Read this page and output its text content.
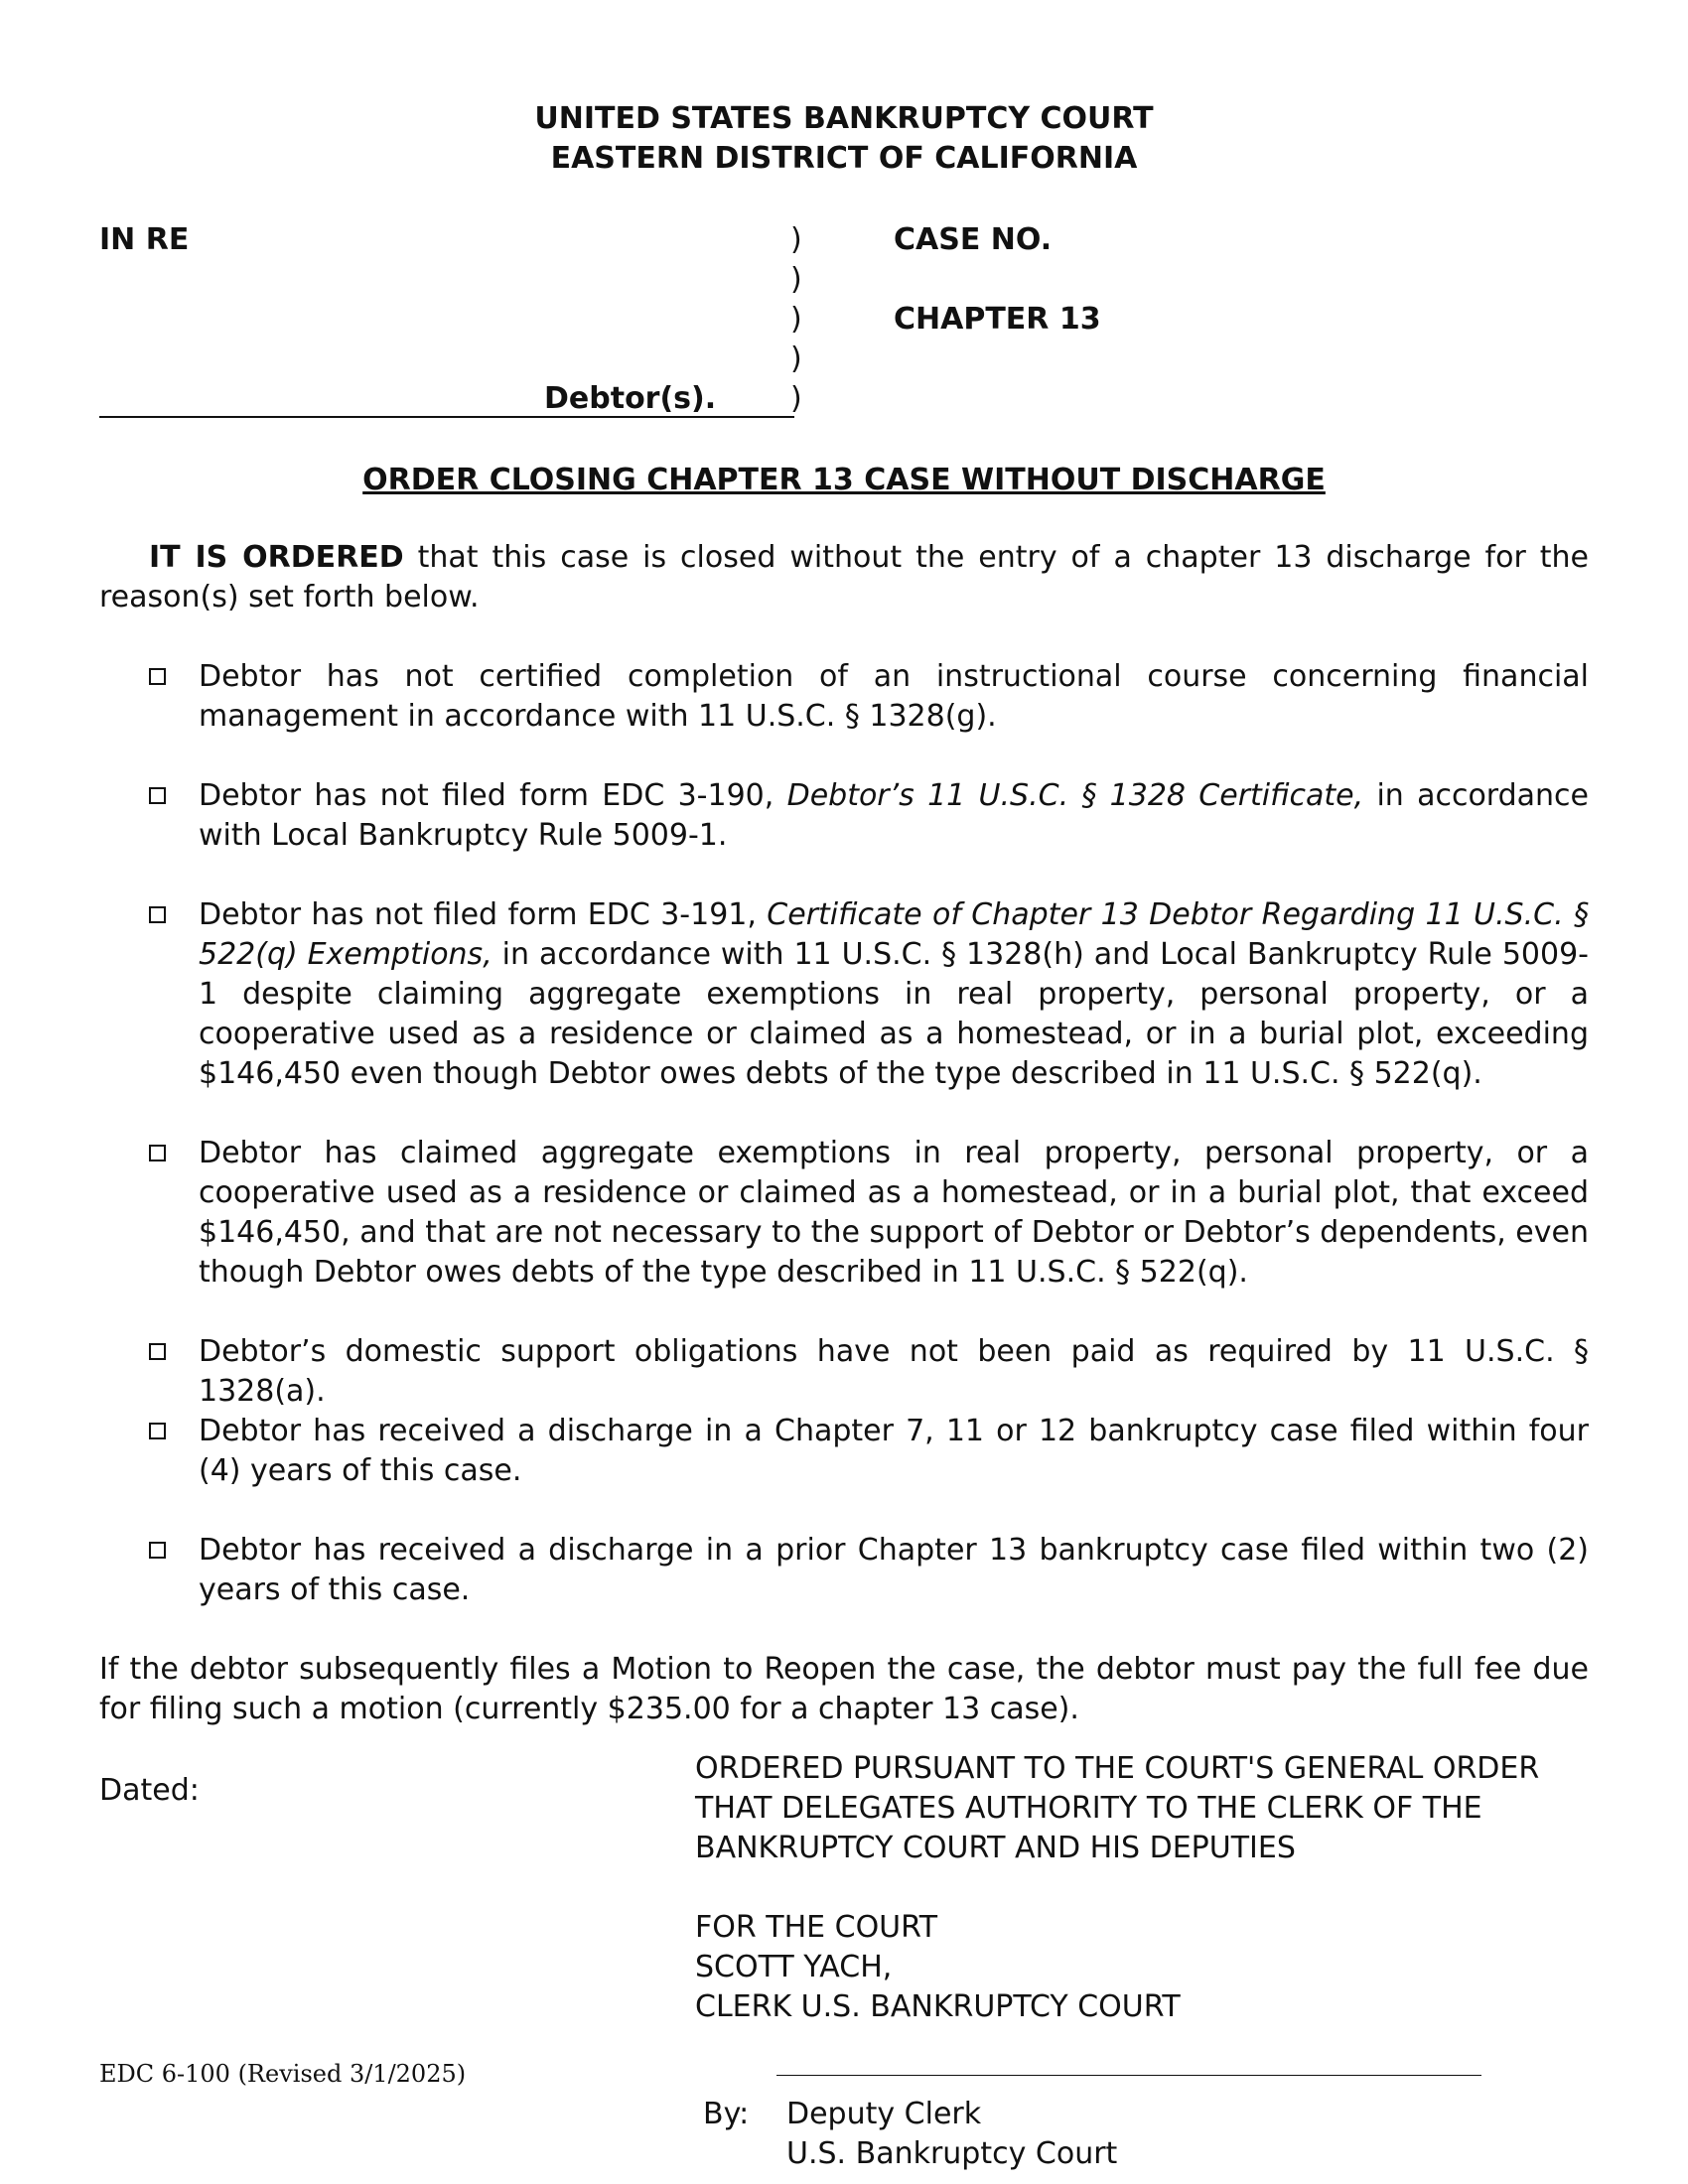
UNITED STATES BANKRUPTCY COURT
EASTERN DISTRICT OF CALIFORNIA
IN RE	)
)
)
)
)
Debtor(s).
CASE NO.
CHAPTER 13
ORDER CLOSING CHAPTER 13 CASE WITHOUT DISCHARGE
IT IS ORDERED that this case is closed without the entry of a chapter 13 discharge for the reason(s) set forth below.
Debtor has not certified completion of an instructional course concerning financial management in accordance with 11 U.S.C. § 1328(g).
Debtor has not filed form EDC 3-190, Debtor’s 11 U.S.C. § 1328 Certificate, in accordance with Local Bankruptcy Rule 5009-1.
Debtor has not filed form EDC 3-191, Certificate of Chapter 13 Debtor Regarding 11 U.S.C. § 522(q) Exemptions, in accordance with 11 U.S.C. § 1328(h) and Local Bankruptcy Rule 5009-1 despite claiming aggregate exemptions in real property, personal property, or a cooperative used as a residence or claimed as a homestead, or in a burial plot, exceeding $146,450 even though Debtor owes debts of the type described in 11 U.S.C. § 522(q).
Debtor has claimed aggregate exemptions in real property, personal property, or a cooperative used as a residence or claimed as a homestead, or in a burial plot, that exceed $146,450, and that are not necessary to the support of Debtor or Debtor’s dependents, even though Debtor owes debts of the type described in 11 U.S.C. § 522(q).
Debtor’s domestic support obligations have not been paid as required by 11 U.S.C. § 1328(a).
Debtor has received a discharge in a Chapter 7, 11 or 12 bankruptcy case filed within four (4) years of this case.
Debtor has received a discharge in a prior Chapter 13 bankruptcy case filed within two (2) years of this case.
If the debtor subsequently files a Motion to Reopen the case, the debtor must pay the full fee due for filing such a motion (currently $235.00 for a chapter 13 case).
Dated:
ORDERED PURSUANT TO THE COURT'S GENERAL ORDER
THAT DELEGATES AUTHORITY TO THE CLERK OF THE
BANKRUPTCY COURT AND HIS DEPUTIES
FOR THE COURT
SCOTT YACH,
CLERK U.S. BANKRUPTCY COURT
EDC 6-100 (Revised 3/1/2025)
By: Deputy Clerk
U.S. Bankruptcy Court
